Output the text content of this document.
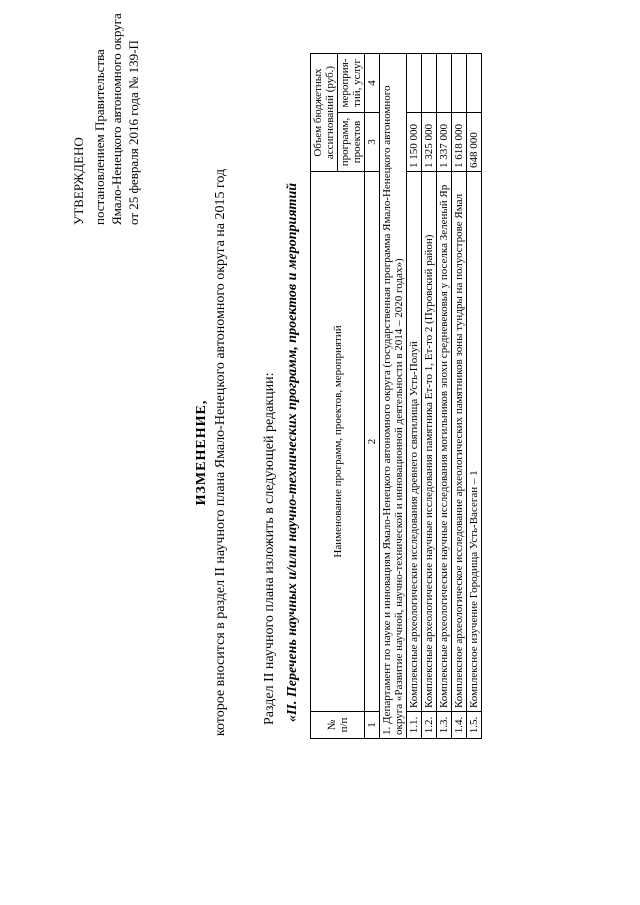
УТВЕРЖДЕНО постановлением Правительства Ямало-Ненецкого автономного округа от 25 февраля 2016 года № 139-П
ИЗМЕНЕНИЕ, которое вносится в раздел II научного плана Ямало-Ненецкого автономного округа на 2015 год Раздел II научного плана изложить в следующей редакции: «II. Перечень научных и/или научно-технических программ, проектов и мероприятий
№ п/п	Наименование программ, проектов, мероприятий	Объем бюджетных ассигнований (руб.)	
		программ, проектов	мероприя-тий, услуг
1	2	3	4
1. Департамент по науке и инновациям Ямало-Ненецкого автономного округа (государственная программа Ямало-Ненецкого автономного округа «Развитие научной, научно-технической и инновационной деятельности в 2014 – 2020 годах»)			
1.1.	Комплексные археологические исследования древнего святилища Усть-Полуй	1 150 000	
1.2.	Комплексные археологические научные исследования памятника Ет-то 1, Ет-то 2 (Пуровский район)	1 325 000	
1.3.	Комплексные археологические научные исследования могильников эпохи средневековья у поселка Зеленый Яр	1 337 000	
1.4.	Комплексное археологическое исследование археологических памятников зоны тундры на полуострове Ямал	1 618 000	
1.5.	Комплексное изучение Городища Усть-Васеган – 1	648 000	
